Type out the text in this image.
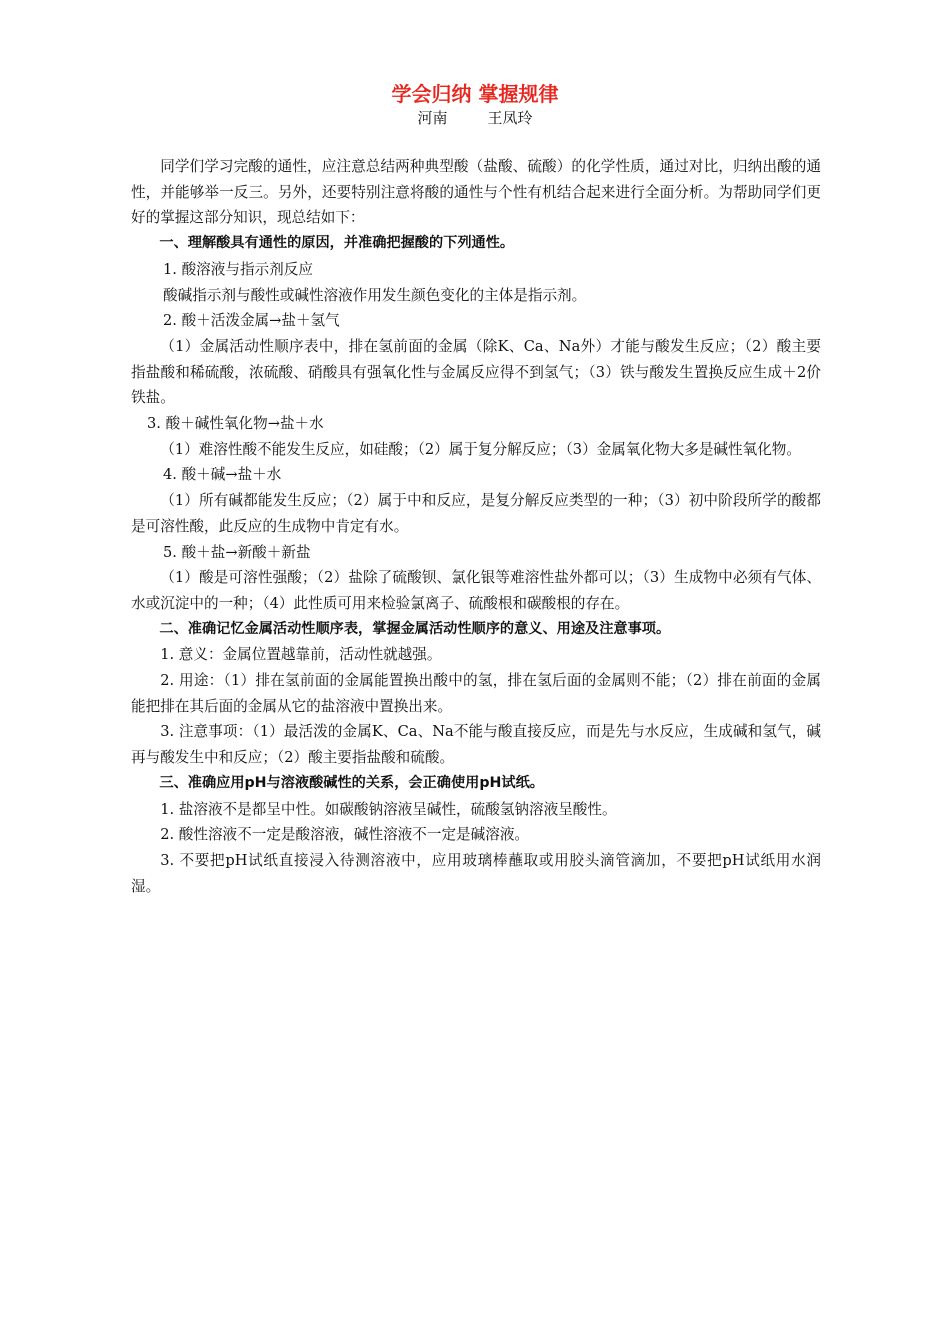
学会归纳 掌握规律
河南	王凤玲

同学们学习完酸的通性，应注意总结两种典型酸（盐酸、硫酸）的化学性质，通过对比，归纳出酸的通性，并能够举一反三。另外，还要特别注意将酸的通性与个性有机结合起来进行全面分析。为帮助同学们更好的掌握这部分知识，现总结如下：

一、理解酸具有通性的原因，并准确把握酸的下列通性。

1. 酸溶液与指示剂反应

酸碱指示剂与酸性或碱性溶液作用发生颜色变化的主体是指示剂。

2. 酸＋活泼金属→盐＋氢气

（1）金属活动性顺序表中，排在氢前面的金属（除K、Ca、Na外）才能与酸发生反应；（2）酸主要指盐酸和稀硫酸，浓硫酸、硝酸具有强氧化性与金属反应得不到氢气；（3）铁与酸发生置换反应生成＋2价铁盐。

3. 酸＋碱性氧化物→盐＋水

（1）难溶性酸不能发生反应，如硅酸；（2）属于复分解反应；（3）金属氧化物大多是碱性氧化物。

4. 酸＋碱→盐＋水

（1）所有碱都能发生反应；（2）属于中和反应，是复分解反应类型的一种；（3）初中阶段所学的酸都是可溶性酸，此反应的生成物中肯定有水。

5. 酸＋盐→新酸＋新盐

（1）酸是可溶性强酸；（2）盐除了硫酸钡、氯化银等难溶性盐外都可以；（3）生成物中必须有气体、水或沉淀中的一种；（4）此性质可用来检验氯离子、硫酸根和碳酸根的存在。

二、准确记忆金属活动性顺序表，掌握金属活动性顺序的意义、用途及注意事项。

1. 意义：金属位置越靠前，活动性就越强。

2. 用途：（1）排在氢前面的金属能置换出酸中的氢，排在氢后面的金属则不能；（2）排在前面的金属能把排在其后面的金属从它的盐溶液中置换出来。

3. 注意事项：（1）最活泼的金属K、Ca、Na不能与酸直接反应，而是先与水反应，生成碱和氢气，碱再与酸发生中和反应；（2）酸主要指盐酸和硫酸。

三、准确应用pH与溶液酸碱性的关系，会正确使用pH试纸。

1. 盐溶液不是都呈中性。如碳酸钠溶液呈碱性，硫酸氢钠溶液呈酸性。

2. 酸性溶液不一定是酸溶液，碱性溶液不一定是碱溶液。

3. 不要把pH试纸直接浸入待测溶液中，应用玻璃棒蘸取或用胶头滴管滴加，不要把pH试纸用水润湿。
